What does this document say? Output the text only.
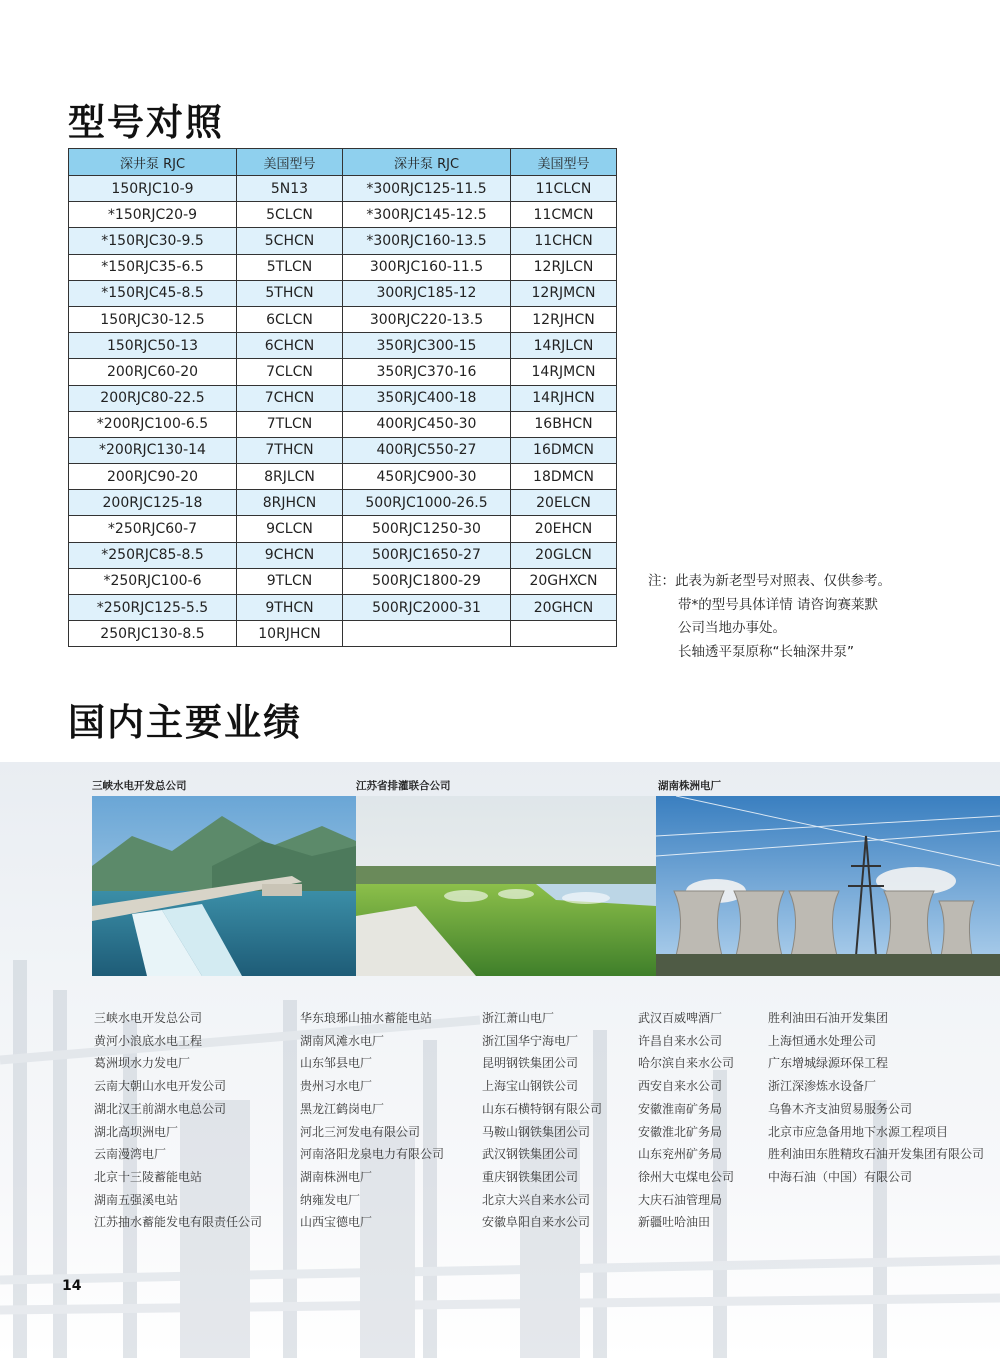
型号对照
深井泵 RJC	美国型号	深井泵 RJC	美国型号
150RJC10-9	5N13	*300RJC125-11.5	11CLCN
*150RJC20-9	5CLCN	*300RJC145-12.5	11CMCN
*150RJC30-9.5	5CHCN	*300RJC160-13.5	11CHCN
*150RJC35-6.5	5TLCN	300RJC160-11.5	12RJLCN
*150RJC45-8.5	5THCN	300RJC185-12	12RJMCN
150RJC30-12.5	6CLCN	300RJC220-13.5	12RJHCN
150RJC50-13	6CHCN	350RJC300-15	14RJLCN
200RJC60-20	7CLCN	350RJC370-16	14RJMCN
200RJC80-22.5	7CHCN	350RJC400-18	14RJHCN
*200RJC100-6.5	7TLCN	400RJC450-30	16BHCN
*200RJC130-14	7THCN	400RJC550-27	16DMCN
200RJC90-20	8RJLCN	450RJC900-30	18DMCN
200RJC125-18	8RJHCN	500RJC1000-26.5	20ELCN
*250RJC60-7	9CLCN	500RJC1250-30	20EHCN
*250RJC85-8.5	9CHCN	500RJC1650-27	20GLCN
*250RJC100-6	9TLCN	500RJC1800-29	20GHXCN
*250RJC125-5.5	9THCN	500RJC2000-31	20GHCN
250RJC130-8.5	10RJHCN		
注：此表为新老型号对照表、仅供参考。
带*的型号具体详情 请咨询赛莱默
公司当地办事处。
长轴透平泵原称“长轴深井泵”
国内主要业绩
三峡水电开发总公司	江苏省排灌联合公司	湖南株洲电厂
三峡水电开发总公司
黄河小浪底水电工程
葛洲坝水力发电厂
云南大朝山水电开发公司
湖北汉王前湖水电总公司
湖北高坝洲电厂
云南漫湾电厂
北京十三陵蓄能电站
湖南五强溪电站
江苏抽水蓄能发电有限责任公司
华东琅琊山抽水蓄能电站
湖南风滩水电厂
山东邹县电厂
贵州习水电厂
黑龙江鹤岗电厂
河北三河发电有限公司
河南洛阳龙泉电力有限公司
湖南株洲电厂
纳雍发电厂
山西宝德电厂
浙江萧山电厂
浙江国华宁海电厂
昆明钢铁集团公司
上海宝山钢铁公司
山东石横特钢有限公司
马鞍山钢铁集团公司
武汉钢铁集团公司
重庆钢铁集团公司
北京大兴自来水公司
安徽阜阳自来水公司
武汉百威啤酒厂
许昌自来水公司
哈尔滨自来水公司
西安自来水公司
安徽淮南矿务局
安徽淮北矿务局
山东兖州矿务局
徐州大屯煤电公司
大庆石油管理局
新疆吐哈油田
胜利油田石油开发集团
上海恒通水处理公司
广东增城绿源环保工程
浙江深渗炼水设备厂
乌鲁木齐支油贸易服务公司
北京市应急备用地下水源工程项目
胜利油田东胜精玫石油开发集团有限公司
中海石油（中国）有限公司
14
